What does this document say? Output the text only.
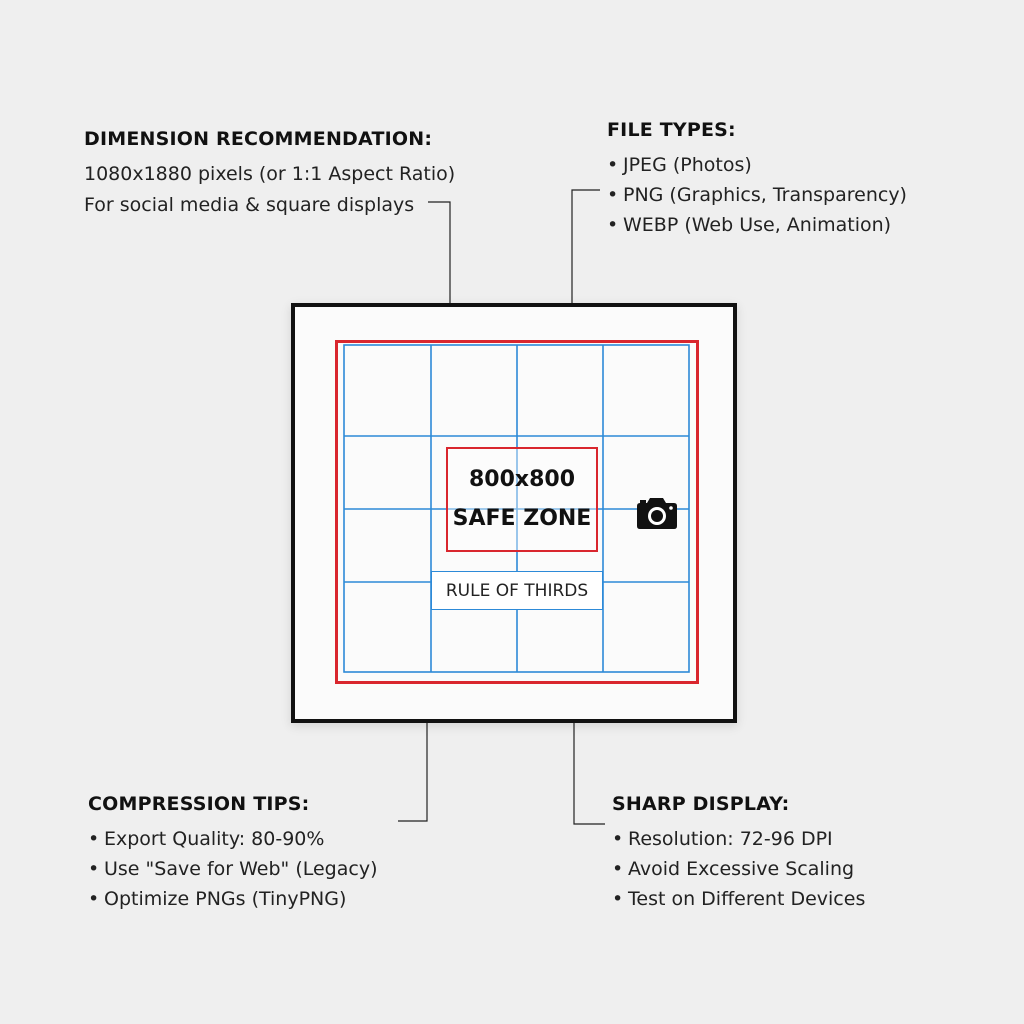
DIMENSION RECOMMENDATION:
1080x1880 pixels (or 1:1 Aspect Ratio)
For social media & square displays
FILE TYPES:
• JPEG (Photos)
• PNG (Graphics, Transparency)
• WEBP (Web Use, Animation)
800x800
SAFE ZONE
RULE OF THIRDS
COMPRESSION TIPS:
• Export Quality: 80-90%
• Use "Save for Web" (Legacy)
• Optimize PNGs (TinyPNG)
SHARP DISPLAY:
• Resolution: 72-96 DPI
• Avoid Excessive Scaling
• Test on Different Devices
